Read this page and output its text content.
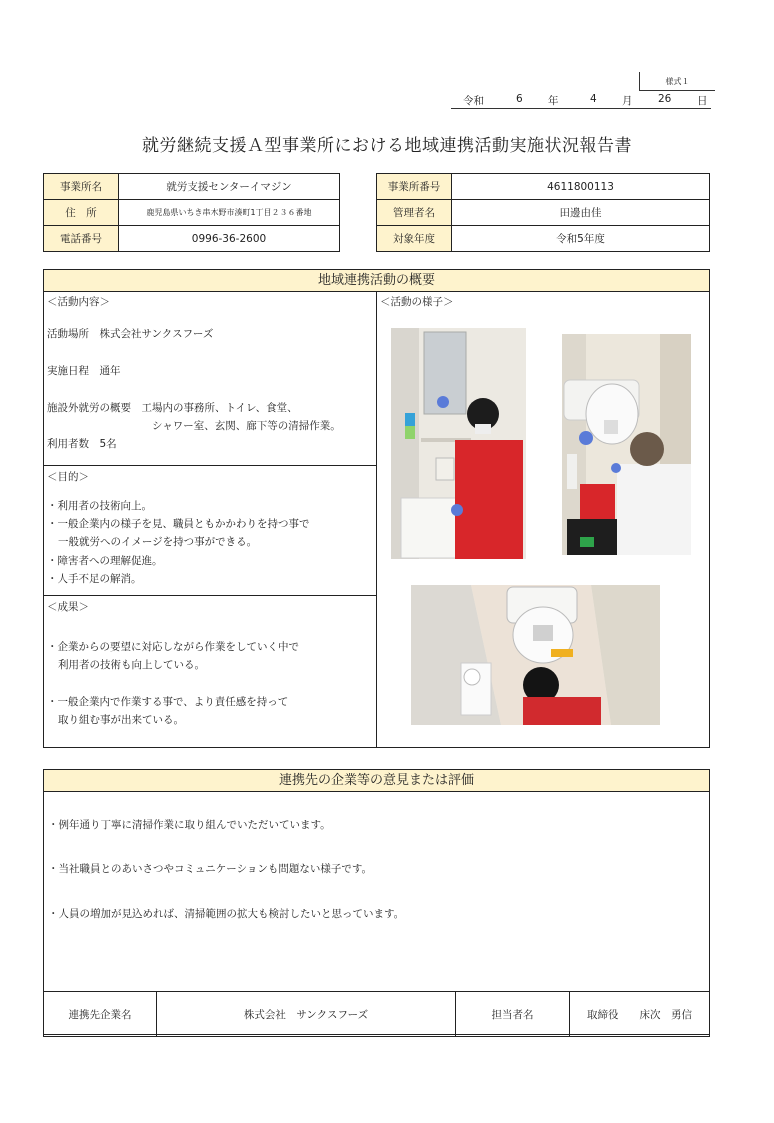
様式１
令和	6 年	4 月 26 日
就労継続支援Ａ型事業所における地域連携活動実施状況報告書
事業所名	就労支援センターイマジン
住　所	鹿児島県いちき串木野市湊町1丁目２３６番地
電話番号	0996-36-2600
事業所番号	4611800113
管理者名	田邊由佳
対象年度	令和5年度
地域連携活動の概要
＜活動内容＞
活動場所　株式会社サンクスフーズ
実施日程　通年
施設外就労の概要　工場内の事務所、トイレ、食堂、
シャワー室、玄関、廊下等の清掃作業。
利用者数　5名
＜目的＞
・利用者の技術向上。
・一般企業内の様子を見、職員ともかかわりを持つ事で
一般就労へのイメージを持つ事ができる。
・障害者への理解促進。
・人手不足の解消。
＜成果＞
・企業からの要望に対応しながら作業をしていく中で
利用者の技術も向上している。
・一般企業内で作業する事で、より責任感を持って
取り組む事が出来ている。
＜活動の様子＞
連携先の企業等の意見または評価
・例年通り丁寧に清掃作業に取り組んでいただいています。
・当社職員とのあいさつやコミュニケーションも問題ない様子です。
・人員の増加が見込めれば、清掃範囲の拡大も検討したいと思っています。
連携先企業名	株式会社　サンクスフーズ	担当者名	取締役　　床次　勇信
